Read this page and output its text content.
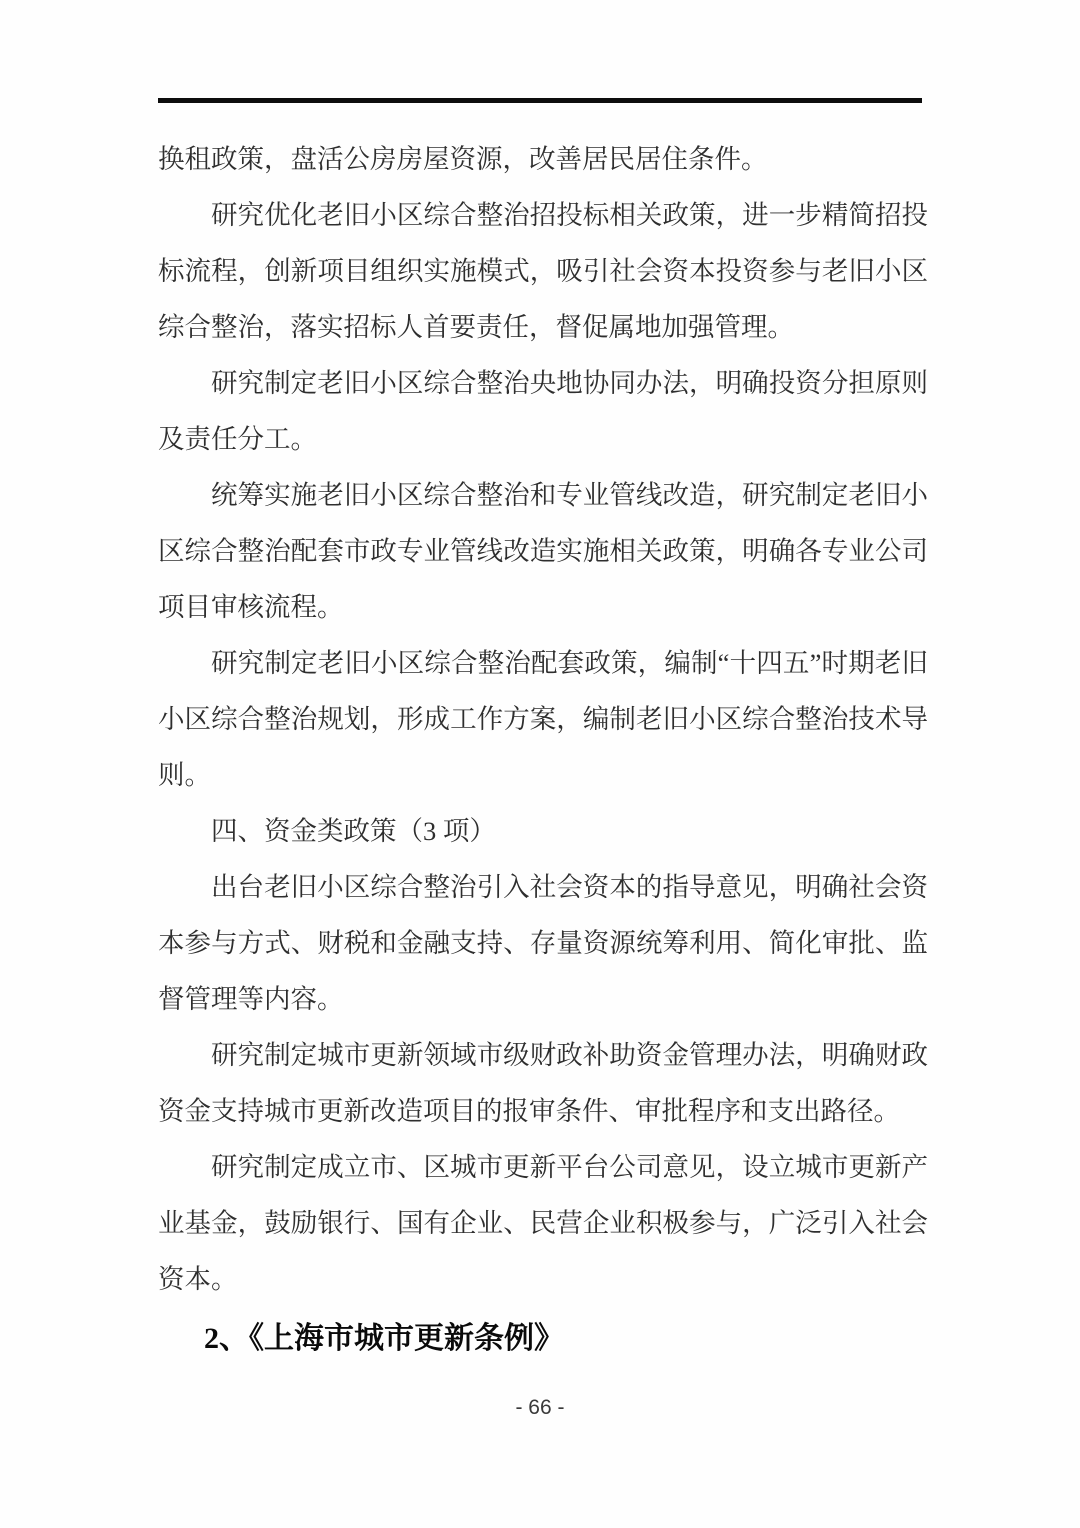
换租政策，盘活公房房屋资源，改善居民居住条件。

研究优化老旧小区综合整治招投标相关政策，进一步精简招投标流程，创新项目组织实施模式，吸引社会资本投资参与老旧小区综合整治，落实招标人首要责任，督促属地加强管理。

研究制定老旧小区综合整治央地协同办法，明确投资分担原则及责任分工。

统筹实施老旧小区综合整治和专业管线改造，研究制定老旧小区综合整治配套市政专业管线改造实施相关政策，明确各专业公司项目审核流程。

研究制定老旧小区综合整治配套政策，编制“十四五”时期老旧小区综合整治规划，形成工作方案，编制老旧小区综合整治技术导则。

四、资金类政策（3 项）

出台老旧小区综合整治引入社会资本的指导意见，明确社会资本参与方式、财税和金融支持、存量资源统筹利用、简化审批、监督管理等内容。

研究制定城市更新领域市级财政补助资金管理办法，明确财政资金支持城市更新改造项目的报审条件、审批程序和支出路径。

研究制定成立市、区城市更新平台公司意见，设立城市更新产业基金，鼓励银行、国有企业、民营企业积极参与，广泛引入社会资本。

2、《上海市城市更新条例》

- 66 -
